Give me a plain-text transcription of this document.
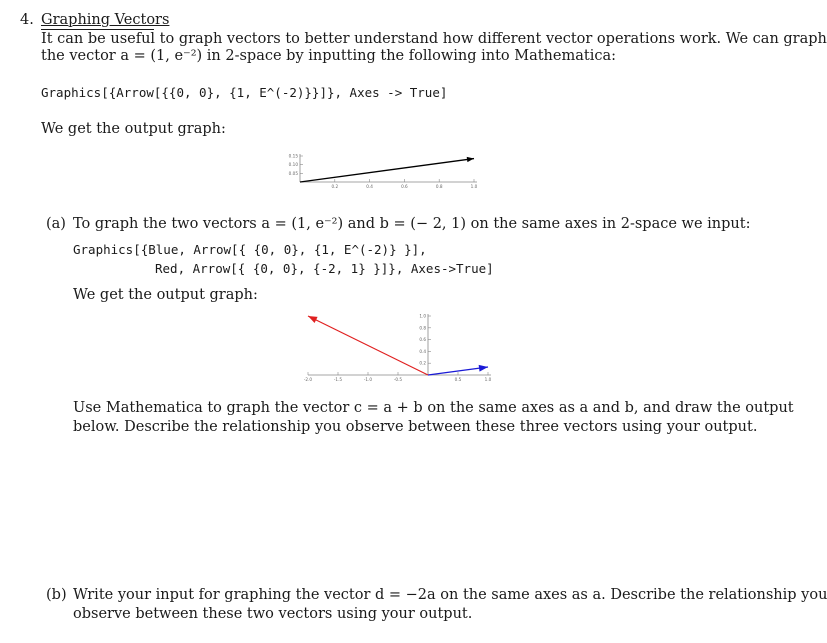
4. Graphing Vectors
It can be useful to graph vectors to better understand how different vector operations work. We can graph
the vector a = (1, e⁻²) in 2-space by inputting the following into Mathematica:
Graphics[{Arrow[{{0, 0}, {1, E^(-2)}}]}, Axes -> True]
We get the output graph:
0.2	0.4	0.6	0.8	1.0
0.05
0.10
0.15
(a) To graph the two vectors a = (1, e⁻²) and b = (− 2, 1) on the same axes in 2-space we input:
Graphics[{Blue, Arrow[{ {0, 0}, {1, E^(-2)} }],
Red, Arrow[{ {0, 0}, {-2, 1} }]}, Axes->True]
We get the output graph:
-2.0	-1.5	-1.0	-0.5	0.5	1.0
0.2
0.4
0.6
0.8
1.0
Use Mathematica to graph the vector c = a + b on the same axes as a and b, and draw the output
below. Describe the relationship you observe between these three vectors using your output.
(b) Write your input for graphing the vector d = −2a on the same axes as a. Describe the relationship you
observe between these two vectors using your output.
